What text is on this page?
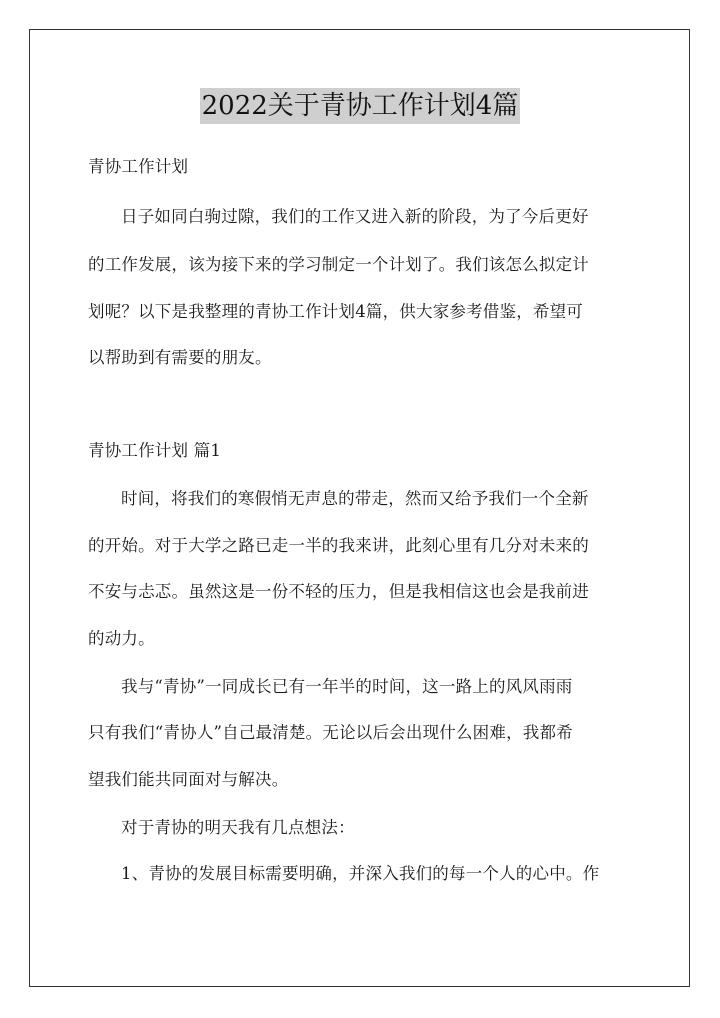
2022关于青协工作计划4篇
青协工作计划
日子如同白驹过隙，我们的工作又进入新的阶段，为了今后更好
的工作发展，该为接下来的学习制定一个计划了。我们该怎么拟定计
划呢？以下是我整理的青协工作计划4篇，供大家参考借鉴，希望可
以帮助到有需要的朋友。
青协工作计划 篇1
时间，将我们的寒假悄无声息的带走，然而又给予我们一个全新
的开始。对于大学之路已走一半的我来讲，此刻心里有几分对未来的
不安与忐忑。虽然这是一份不轻的压力，但是我相信这也会是我前进
的动力。
我与“青协”一同成长已有一年半的时间，这一路上的风风雨雨
只有我们“青协人”自己最清楚。无论以后会出现什么困难，我都希
望我们能共同面对与解决。
对于青协的明天我有几点想法：
1、青协的发展目标需要明确，并深入我们的每一个人的心中。作
